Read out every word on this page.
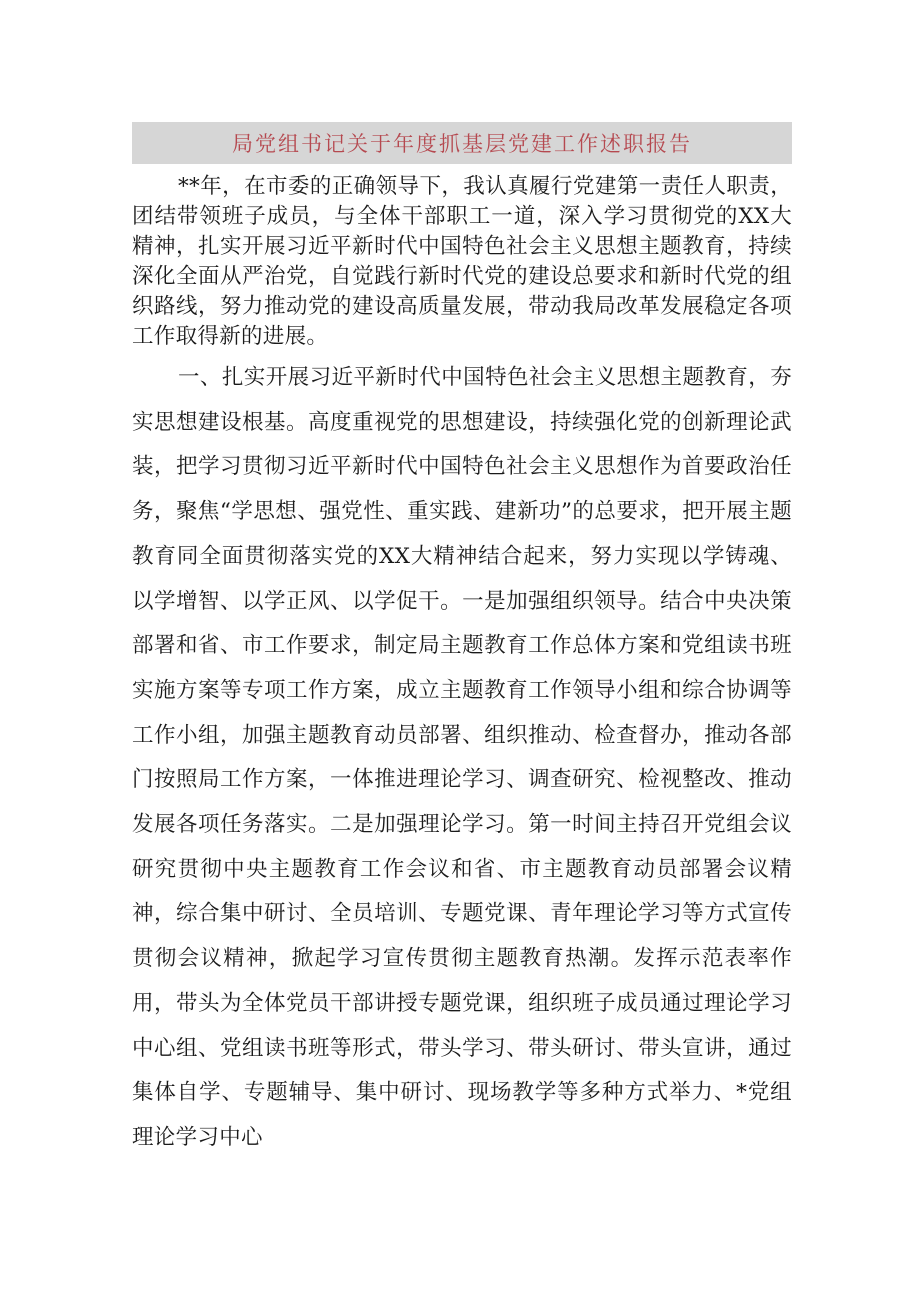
局党组书记关于年度抓基层党建工作述职报告

**年，在市委的正确领导下，我认真履行党建第一责任人职责，团结带领班子成员，与全体干部职工一道，深入学习贯彻党的XX大精神，扎实开展习近平新时代中国特色社会主义思想主题教育，持续深化全面从严治党，自觉践行新时代党的建设总要求和新时代党的组织路线，努力推动党的建设高质量发展，带动我局改革发展稳定各项工作取得新的进展。

一、扎实开展习近平新时代中国特色社会主义思想主题教育，夯实思想建设根基。高度重视党的思想建设，持续强化党的创新理论武装，把学习贯彻习近平新时代中国特色社会主义思想作为首要政治任务，聚焦“学思想、强党性、重实践、建新功”的总要求，把开展主题教育同全面贯彻落实党的XX大精神结合起来，努力实现以学铸魂、以学增智、以学正风、以学促干。一是加强组织领导。结合中央决策部署和省、市工作要求，制定局主题教育工作总体方案和党组读书班实施方案等专项工作方案，成立主题教育工作领导小组和综合协调等工作小组，加强主题教育动员部署、组织推动、检查督办，推动各部门按照局工作方案，一体推进理论学习、调查研究、检视整改、推动发展各项任务落实。二是加强理论学习。第一时间主持召开党组会议研究贯彻中央主题教育工作会议和省、市主题教育动员部署会议精神，综合集中研讨、全员培训、专题党课、青年理论学习等方式宣传贯彻会议精神，掀起学习宣传贯彻主题教育热潮。发挥示范表率作用，带头为全体党员干部讲授专题党课，组织班子成员通过理论学习中心组、党组读书班等形式，带头学习、带头研讨、带头宣讲，通过集体自学、专题辅导、集中研讨、现场教学等多种方式举力、*党组理论学习中心
